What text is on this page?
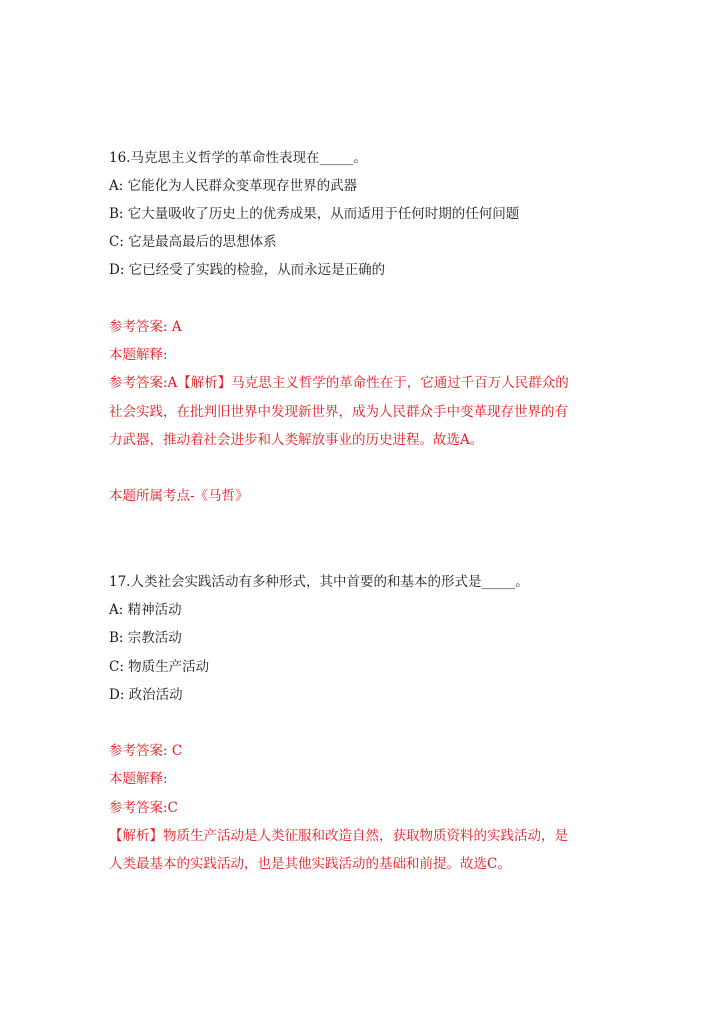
16.马克思主义哲学的革命性表现在_____。
A: 它能化为人民群众变革现存世界的武器
B: 它大量吸收了历史上的优秀成果，从而适用于任何时期的任何问题
C: 它是最高最后的思想体系
D: 它已经受了实践的检验，从而永远是正确的
参考答案: A
本题解释:
参考答案:A【解析】马克思主义哲学的革命性在于，它通过千百万人民群众的
社会实践，在批判旧世界中发现新世界，成为人民群众手中变革现存世界的有
力武器，推动着社会进步和人类解放事业的历史进程。故选A。
本题所属考点-《马哲》
17.人类社会实践活动有多种形式，其中首要的和基本的形式是_____。
A: 精神活动
B: 宗教活动
C: 物质生产活动
D: 政治活动
参考答案: C
本题解释:
参考答案:C
【解析】物质生产活动是人类征服和改造自然，获取物质资料的实践活动，是
人类最基本的实践活动，也是其他实践活动的基础和前提。故选C。
